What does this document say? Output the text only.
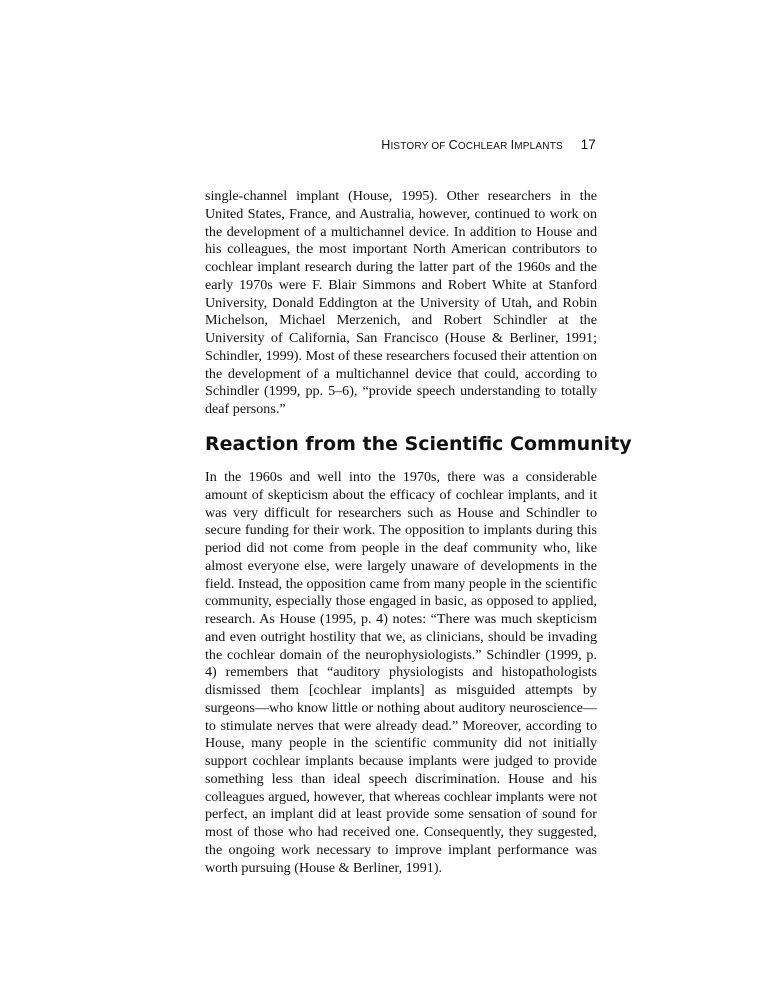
HISTORY OF COCHLEAR IMPLANTS 17

single-channel implant (House, 1995). Other researchers in the United States, France, and Australia, however, continued to work on the development of a multichannel device. In addition to House and his colleagues, the most important North American contributors to cochlear implant research during the latter part of the 1960s and the early 1970s were F. Blair Simmons and Robert White at Stanford University, Donald Eddington at the University of Utah, and Robin Michelson, Michael Merzenich, and Robert Schindler at the University of California, San Francisco (House & Berliner, 1991; Schindler, 1999). Most of these researchers focused their attention on the development of a multichannel device that could, according to Schindler (1999, pp. 5–6), “provide speech understanding to totally deaf persons.”

Reaction from the Scientific Community

In the 1960s and well into the 1970s, there was a considerable amount of skepticism about the efficacy of cochlear implants, and it was very difficult for researchers such as House and Schindler to secure funding for their work. The opposition to implants during this period did not come from people in the deaf community who, like almost everyone else, were largely unaware of developments in the field. Instead, the opposition came from many people in the scientific community, especially those engaged in basic, as opposed to applied, research. As House (1995, p. 4) notes: “There was much skepticism and even outright hostility that we, as clinicians, should be invading the cochlear domain of the neurophysiologists.” Schindler (1999, p. 4) remembers that “auditory physiologists and histopathologists dismissed them [cochlear implants] as misguided attempts by surgeons—who know little or nothing about auditory neuroscience—to stimulate nerves that were already dead.” Moreover, according to House, many people in the scientific community did not initially support cochlear implants because implants were judged to provide something less than ideal speech discrimination. House and his colleagues argued, however, that whereas cochlear implants were not perfect, an implant did at least provide some sensation of sound for most of those who had received one. Consequently, they suggested, the ongoing work necessary to improve implant performance was worth pursuing (House & Berliner, 1991).
